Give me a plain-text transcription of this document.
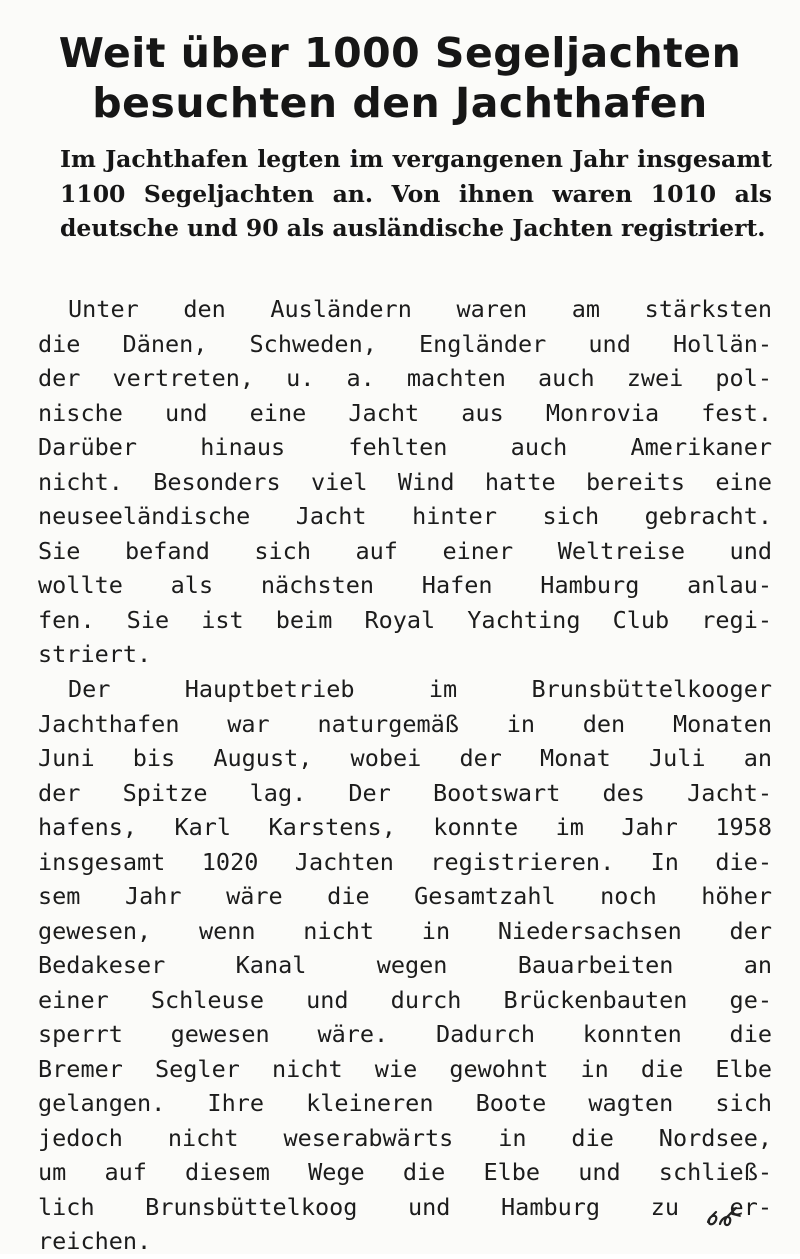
Weit über 1000 Segeljachten
besuchten den Jachthafen

Im Jachthafen legten im vergangenen Jahr insgesamt 1100 Segeljachten an. Von ihnen waren 1010 als deutsche und 90 als ausländische Jachten registriert.

Unter den Ausländern waren am stärksten
die Dänen, Schweden, Engländer und Hollän-
der vertreten, u. a. machten auch zwei pol-
nische und eine Jacht aus Monrovia fest.
Darüber hinaus fehlten auch Amerikaner
nicht. Besonders viel Wind hatte bereits eine
neuseeländische Jacht hinter sich gebracht.
Sie befand sich auf einer Weltreise und
wollte als nächsten Hafen Hamburg anlau-
fen. Sie ist beim Royal Yachting Club regi-
striert.
Der Hauptbetrieb im Brunsbüttelkooger
Jachthafen war naturgemäß in den Monaten
Juni bis August, wobei der Monat Juli an
der Spitze lag. Der Bootswart des Jacht-
hafens, Karl Karstens, konnte im Jahr 1958
insgesamt 1020 Jachten registrieren. In die-
sem Jahr wäre die Gesamtzahl noch höher
gewesen, wenn nicht in Niedersachsen der
Bedakeser Kanal wegen Bauarbeiten an
einer Schleuse und durch Brückenbauten ge-
sperrt gewesen wäre. Dadurch konnten die
Bremer Segler nicht wie gewohnt in die Elbe
gelangen. Ihre kleineren Boote wagten sich
jedoch nicht weserabwärts in die Nordsee,
um auf diesem Wege die Elbe und schließ-
lich Brunsbüttelkoog und Hamburg zu er-
reichen.
